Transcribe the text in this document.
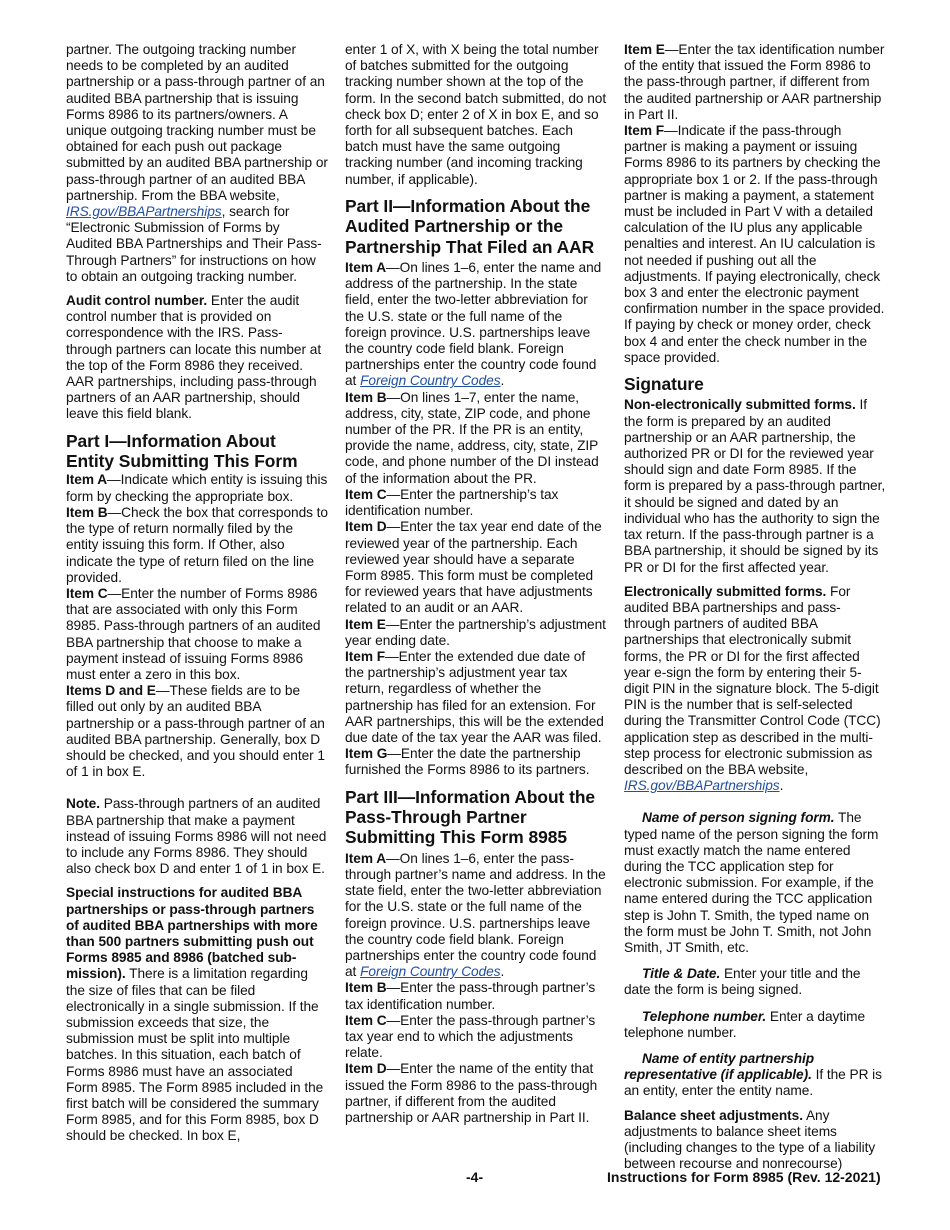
partner. The outgoing tracking number needs to be completed by an audited partnership or a pass-through partner of an audited BBA partnership that is issuing Forms 8986 to its partners/owners. A unique outgoing tracking number must be obtained for each push out package submitted by an audited BBA partnership or pass-through partner of an audited BBA partnership. From the BBA website, IRS.gov/BBAPartnerships, search for “Electronic Submission of Forms by Audited BBA Partnerships and Their Pass-Through Partners” for instructions on how to obtain an outgoing tracking number.

Audit control number. Enter the audit control number that is provided on correspondence with the IRS. Pass-through partners can locate this number at the top of the Form 8986 they received. AAR partnerships, including pass-through partners of an AAR partnership, should leave this field blank.

Part I—Information About Entity Submitting This Form

Item A—Indicate which entity is issuing this form by checking the appropriate box.

Item B—Check the box that corresponds to the type of return normally filed by the entity issuing this form. If Other, also indicate the type of return filed on the line provided.

Item C—Enter the number of Forms 8986 that are associated with only this Form 8985. Pass-through partners of an audited BBA partnership that choose to make a payment instead of issuing Forms 8986 must enter a zero in this box.

Items D and E—These fields are to be filled out only by an audited BBA partnership or a pass-through partner of an audited BBA partnership. Generally, box D should be checked, and you should enter 1 of 1 in box E.

Note. Pass-through partners of an audited BBA partnership that make a payment instead of issuing Forms 8986 will not need to include any Forms 8986. They should also check box D and enter 1 of 1 in box E.

Special instructions for audited BBA partnerships or pass-through partners of audited BBA partnerships with more than 500 partners submitting push out Forms 8985 and 8986 (batched sub-mission). There is a limitation regarding the size of files that can be filed electronically in a single submission. If the submission exceeds that size, the submission must be split into multiple batches. In this situation, each batch of Forms 8986 must have an associated Form 8985. The Form 8985 included in the first batch will be considered the summary Form 8985, and for this Form 8985, box D should be checked. In box E,

enter 1 of X, with X being the total number of batches submitted for the outgoing tracking number shown at the top of the form. In the second batch submitted, do not check box D; enter 2 of X in box E, and so forth for all subsequent batches. Each batch must have the same outgoing tracking number (and incoming tracking number, if applicable).

Part II—Information About the Audited Partnership or the Partnership That Filed an AAR

Item A—On lines 1–6, enter the name and address of the partnership. In the state field, enter the two-letter abbreviation for the U.S. state or the full name of the foreign province. U.S. partnerships leave the country code field blank. Foreign partnerships enter the country code found at Foreign Country Codes.

Item B—On lines 1–7, enter the name, address, city, state, ZIP code, and phone number of the PR. If the PR is an entity, provide the name, address, city, state, ZIP code, and phone number of the DI instead of the information about the PR.

Item C—Enter the partnership’s tax identification number.

Item D—Enter the tax year end date of the reviewed year of the partnership. Each reviewed year should have a separate Form 8985. This form must be completed for reviewed years that have adjustments related to an audit or an AAR.

Item E—Enter the partnership’s adjustment year ending date.

Item F—Enter the extended due date of the partnership’s adjustment year tax return, regardless of whether the partnership has filed for an extension. For AAR partnerships, this will be the extended due date of the tax year the AAR was filed.

Item G—Enter the date the partnership furnished the Forms 8986 to its partners.

Part III—Information About the Pass-Through Partner Submitting This Form 8985

Item A—On lines 1–6, enter the pass-through partner’s name and address. In the state field, enter the two-letter abbreviation for the U.S. state or the full name of the foreign province. U.S. partnerships leave the country code field blank. Foreign partnerships enter the country code found at Foreign Country Codes.

Item B—Enter the pass-through partner’s tax identification number.

Item C—Enter the pass-through partner’s tax year end to which the adjustments relate.

Item D—Enter the name of the entity that issued the Form 8986 to the pass-through partner, if different from the audited partnership or AAR partnership in Part II.

Item E—Enter the tax identification number of the entity that issued the Form 8986 to the pass-through partner, if different from the audited partnership or AAR partnership in Part II.

Item F—Indicate if the pass-through partner is making a payment or issuing Forms 8986 to its partners by checking the appropriate box 1 or 2. If the pass-through partner is making a payment, a statement must be included in Part V with a detailed calculation of the IU plus any applicable penalties and interest. An IU calculation is not needed if pushing out all the adjustments. If paying electronically, check box 3 and enter the electronic payment confirmation number in the space provided. If paying by check or money order, check box 4 and enter the check number in the space provided.

Signature

Non-electronically submitted forms. If the form is prepared by an audited partnership or an AAR partnership, the authorized PR or DI for the reviewed year should sign and date Form 8985. If the form is prepared by a pass-through partner, it should be signed and dated by an individual who has the authority to sign the tax return. If the pass-through partner is a BBA partnership, it should be signed by its PR or DI for the first affected year.

Electronically submitted forms. For audited BBA partnerships and pass-through partners of audited BBA partnerships that electronically submit forms, the PR or DI for the first affected year e-sign the form by entering their 5-digit PIN in the signature block. The 5-digit PIN is the number that is self-selected during the Transmitter Control Code (TCC) application step as described in the multi-step process for electronic submission as described on the BBA website, IRS.gov/BBAPartnerships.

Name of person signing form. The typed name of the person signing the form must exactly match the name entered during the TCC application step for electronic submission. For example, if the name entered during the TCC application step is John T. Smith, the typed name on the form must be John T. Smith, not John Smith, JT Smith, etc.

Title & Date. Enter your title and the date the form is being signed.

Telephone number. Enter a daytime telephone number.

Name of entity partnership representative (if applicable). If the PR is an entity, enter the entity name.

Balance sheet adjustments. Any adjustments to balance sheet items (including changes to the type of a liability between recourse and nonrecourse)

-4-	Instructions for Form 8985 (Rev. 12-2021)
